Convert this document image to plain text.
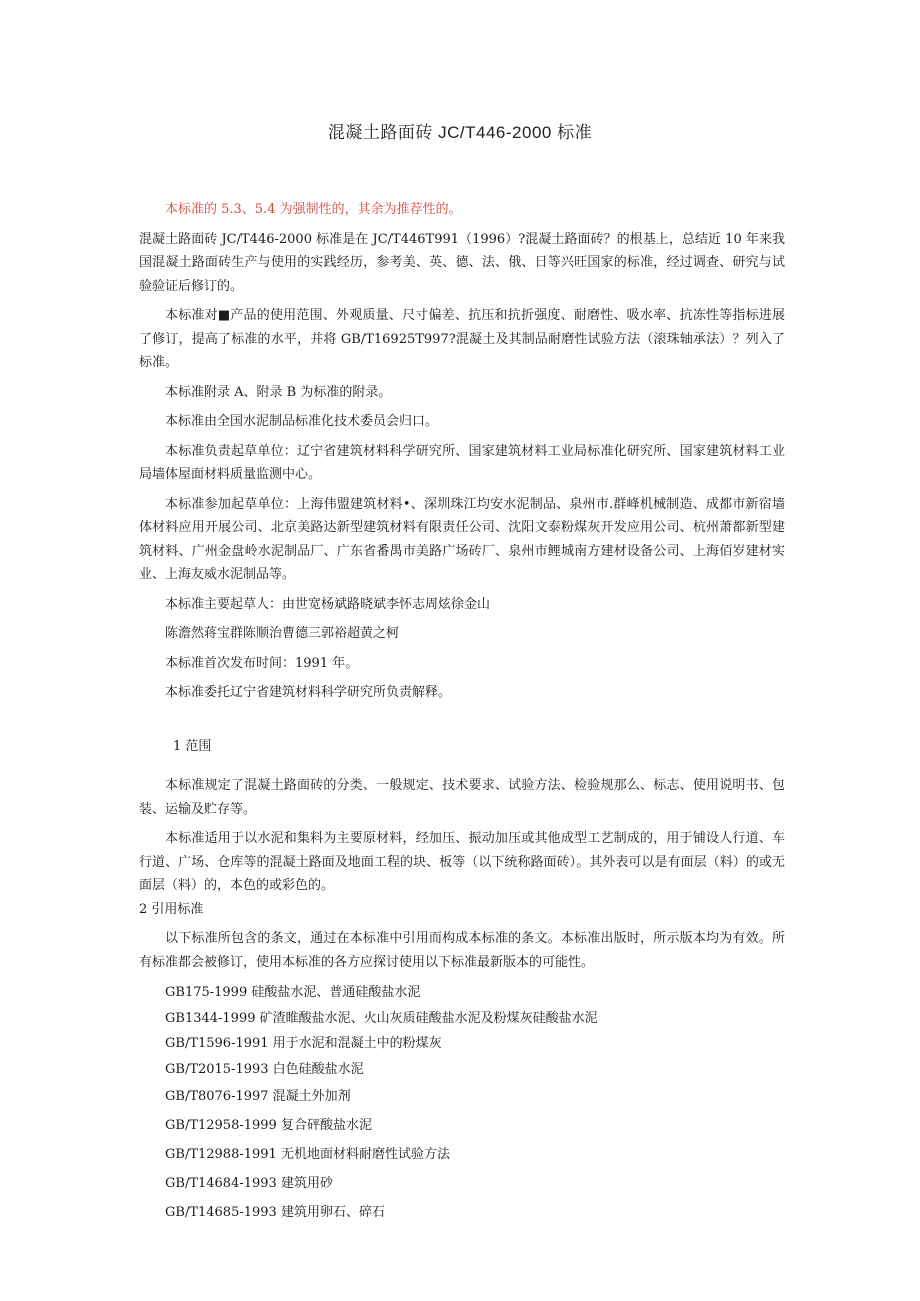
混凝土路面砖 JC/T446-2000 标准

本标准的 5.3、5.4 为强制性的，其余为推荐性的。

混凝土路面砖 JC/T446-2000 标准是在 JC/T446T991（1996）?混凝土路面砖？的根基上，总结近 10 年来我国混凝土路面砖生产与使用的实践经历，参考美、英、德、法、俄、日等兴旺国家的标准，经过调查、研究与试验验证后修订的。

本标准对■产品的使用范围、外观质量、尺寸偏差、抗压和抗折强度、耐磨性、吸水率、抗冻性等指标进展了修订，提高了标准的水平，并将 GB/T16925T997?混凝土及其制品耐磨性试验方法（滚珠轴承法）？列入了标准。

本标准附录 A、附录 B 为标准的附录。

本标准由全国水泥制品标准化技术委员会归口。

本标准负责起草单位：辽宁省建筑材料科学研究所、国家建筑材料工业局标准化研究所、国家建筑材料工业局墙体屋面材料质量监测中心。

本标准参加起草单位：上海伟盟建筑材料•、深圳珠江均安水泥制品、泉州市.群峰机械制造、成都市新宿墙体材料应用开展公司、北京美路达新型建筑材料有限责任公司、沈阳文泰粉煤灰开发应用公司、杭州萧都新型建筑材料、广州金盘岭水泥制品厂、广东省番禺市美路广场砖厂、泉州市鲤城南方建材设备公司、上海佰岁建材实业、上海友威水泥制品等。

本标准主要起草人：由世宽杨斌路晓斌李怀志周炫徐金山

陈澹然蒋宝群陈顺治曹德三郭裕超黄之柯

本标准首次发布时间：1991 年。

本标准委托辽宁省建筑材料科学研究所负责解释。

1 范围

本标准规定了混凝土路面砖的分类、一般规定、技术要求、试验方法、检验规那么、标志、使用说明书、包装、运输及贮存等。

本标准适用于以水泥和集料为主要原材料，经加压、振动加压或其他成型工艺制成的，用于铺设人行道、车行道、广场、仓库等的混凝土路面及地面工程的块、板等（以下统称路面砖）。其外表可以是有面层（料）的或无面层（料）的，本色的或彩色的。

2 引用标准

以下标准所包含的条文，通过在本标准中引用而构成本标准的条文。本标准出版时，所示版本均为有效。所有标准都会被修订，使用本标准的各方应探讨使用以下标准最新版本的可能性。

GB175-1999 硅酸盐水泥、普通硅酸盐水泥

GB1344-1999 矿渣睢酸盐水泥、火山灰质硅酸盐水泥及粉煤灰硅酸盐水泥

GB/T1596-1991 用于水泥和混凝土中的粉煤灰

GB/T2015-1993 白色硅酸盐水泥

GB/T8076-1997 混凝土外加剂

GB/T12958-1999 复合砰酸盐水泥

GB/T12988-1991 无机地面材料耐磨性试验方法

GB/T14684-1993 建筑用砂

GB/T14685-1993 建筑用卵石、碎石
